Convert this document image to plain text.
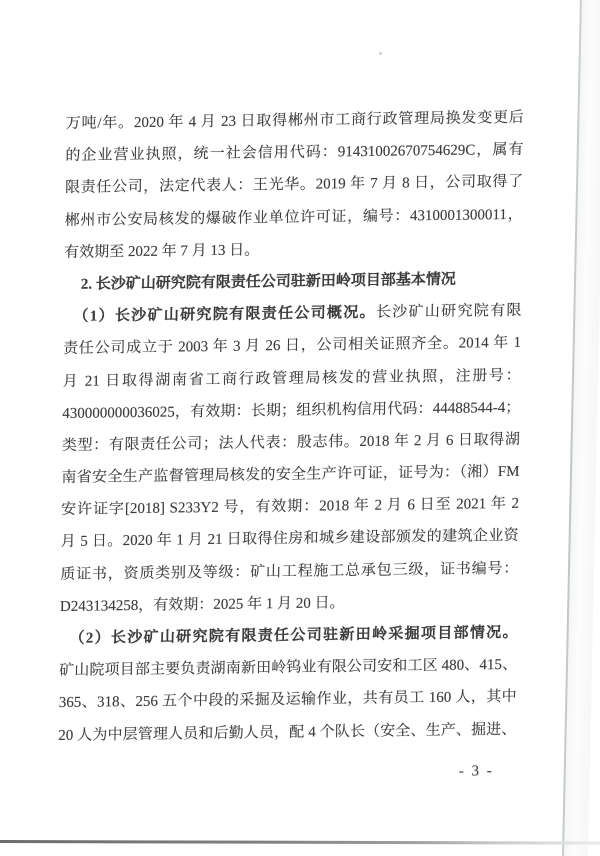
万吨/年。2020 年 4 月 23 日取得郴州市工商行政管理局换发变更后
的企业营业执照，统一社会信用代码：91431002670754629C，属有
限责任公司，法定代表人：王光华。2019 年 7 月 8 日，公司取得了
郴州市公安局核发的爆破作业单位许可证，编号：4310001300011，
有效期至 2022 年 7 月 13 日。
2. 长沙矿山研究院有限责任公司驻新田岭项目部基本情况
（1）长沙矿山研究院有限责任公司概况。长沙矿山研究院有限
责任公司成立于 2003 年 3 月 26 日，公司相关证照齐全。2014 年 1
月 21 日取得湖南省工商行政管理局核发的营业执照，注册号：
430000000036025，有效期：长期；组织机构信用代码：44488544-4；
类型：有限责任公司；法人代表：殷志伟。2018 年 2 月 6 日取得湖
南省安全生产监督管理局核发的安全生产许可证，证号为：（湘）FM
安许证字[2018] S233Y2 号，有效期：2018 年 2 月 6 日至 2021 年 2
月 5 日。2020 年 1 月 21 日取得住房和城乡建设部颁发的建筑企业资
质证书，资质类别及等级：矿山工程施工总承包三级，证书编号：
D243134258，有效期：2025 年 1 月 20 日。
（2）长沙矿山研究院有限责任公司驻新田岭采掘项目部情况。
矿山院项目部主要负责湖南新田岭钨业有限公司安和工区 480、415、
365、318、256 五个中段的采掘及运输作业，共有员工 160 人，其中
20 人为中层管理人员和后勤人员，配 4 个队长（安全、生产、掘进、
- 3 -
